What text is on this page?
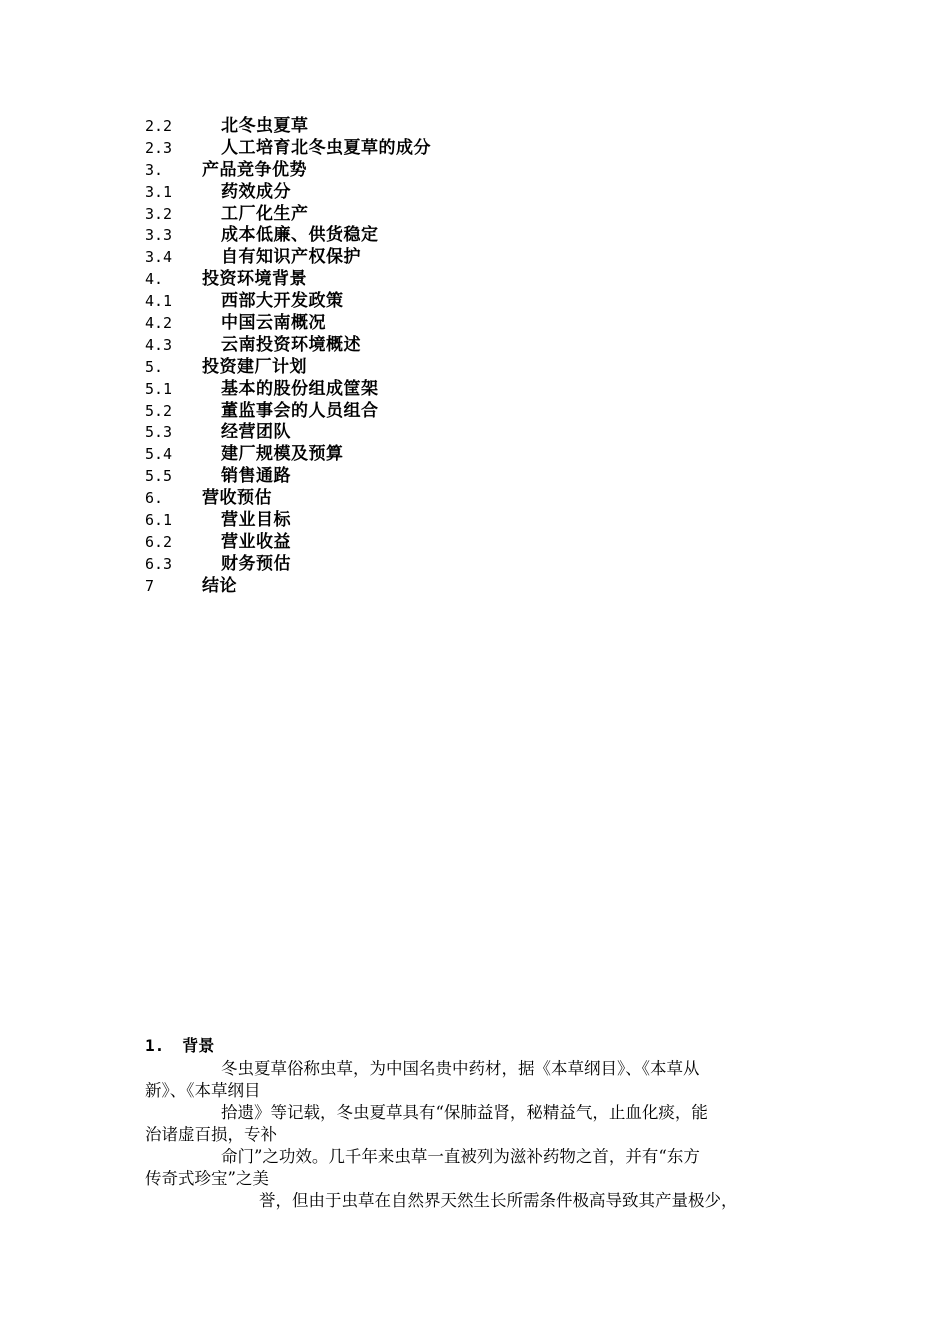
2.2	北冬虫夏草
2.3	人工培育北冬虫夏草的成分
3. 产品竞争优势
3.1	药效成分
3.2	工厂化生产
3.3	成本低廉、供货稳定
3.4	自有知识产权保护
4. 投资环境背景
4.1	西部大开发政策
4.2	中国云南概况
4.3	云南投资环境概述
5. 投资建厂计划
5.1	基本的股份组成筐架
5.2	董监事会的人员组合
5.3	经营团队
5.4	建厂规模及预算
5.5	销售通路
6. 营收预估
6.1	营业目标
6.2	营业收益
6.3	财务预估
7	结论
1. 背景
冬虫夏草俗称虫草，为中国名贵中药材，据《本草纲目》、《本草从
新》、《本草纲目
拾遗》等记载，冬虫夏草具有“保肺益肾，秘精益气，止血化痰，能
治诸虚百损，专补
命门”之功效。几千年来虫草一直被列为滋补药物之首，并有“东方
传奇式珍宝”之美
誉，但由于虫草在自然界天然生长所需条件极高导致其产量极少，
